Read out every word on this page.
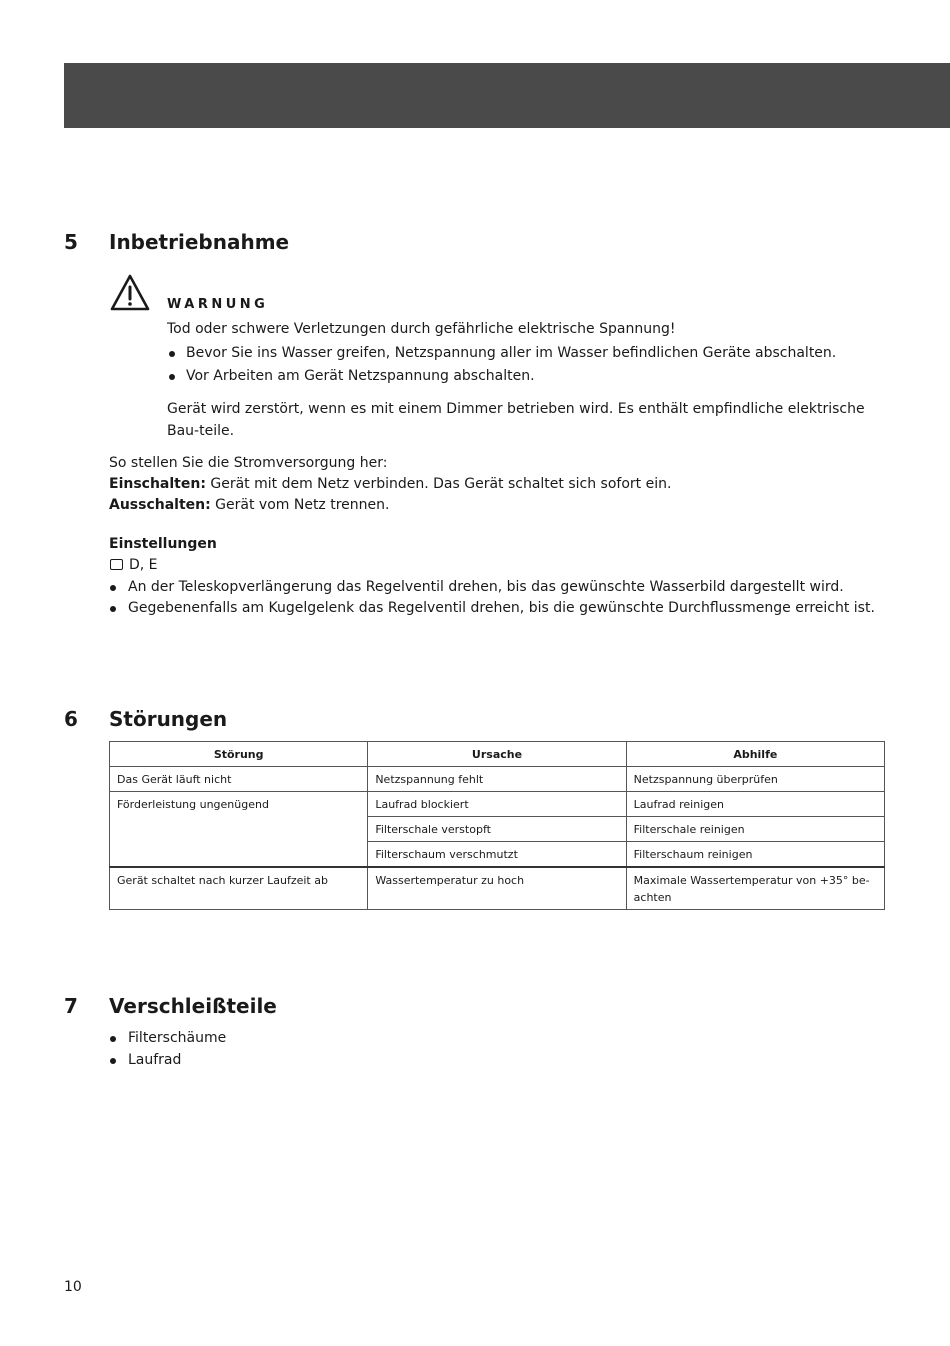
5 Inbetriebnahme
WARNUNG
Tod oder schwere Verletzungen durch gefährliche elektrische Spannung!
Bevor Sie ins Wasser greifen, Netzspannung aller im Wasser befindlichen Geräte abschalten.
Vor Arbeiten am Gerät Netzspannung abschalten.
Gerät wird zerstört, wenn es mit einem Dimmer betrieben wird. Es enthält empfindliche elektrische Bau-teile.
So stellen Sie die Stromversorgung her:
Einschalten: Gerät mit dem Netz verbinden. Das Gerät schaltet sich sofort ein.
Ausschalten: Gerät vom Netz trennen.
Einstellungen
D, E
An der Teleskopverlängerung das Regelventil drehen, bis das gewünschte Wasserbild dargestellt wird.
Gegebenenfalls am Kugelgelenk das Regelventil drehen, bis die gewünschte Durchflussmenge erreicht ist.
6 Störungen
Störung	Ursache	Abhilfe
Das Gerät läuft nicht	Netzspannung fehlt	Netzspannung überprüfen
Förderleistung ungenügend	Laufrad blockiert	Laufrad reinigen
	Filterschale verstopft	Filterschale reinigen
	Filterschaum verschmutzt	Filterschaum reinigen
Gerät schaltet nach kurzer Laufzeit ab	Wassertemperatur zu hoch	Maximale Wassertemperatur von +35° be-achten
7 Verschleißteile
Filterschäume
Laufrad
10
